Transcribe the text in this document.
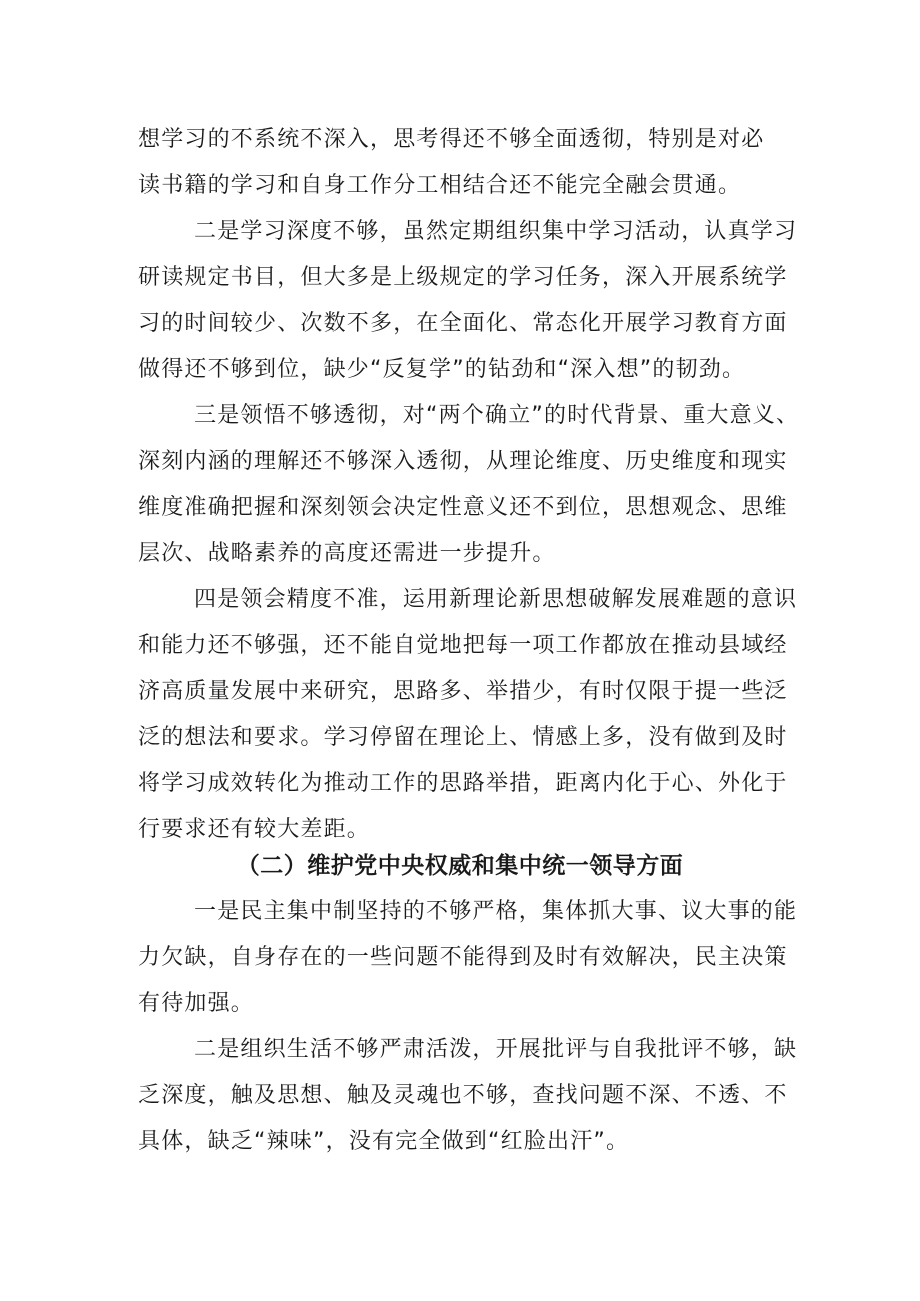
想学习的不系统不深入，思考得还不够全面透彻，特别是对必
读书籍的学习和自身工作分工相结合还不能完全融会贯通。
二是学习深度不够，虽然定期组织集中学习活动，认真学习
研读规定书目，但大多是上级规定的学习任务，深入开展系统学
习的时间较少、次数不多，在全面化、常态化开展学习教育方面
做得还不够到位，缺少“反复学”的钻劲和“深入想”的韧劲。
三是领悟不够透彻，对“两个确立”的时代背景、重大意义、
深刻内涵的理解还不够深入透彻，从理论维度、历史维度和现实
维度准确把握和深刻领会决定性意义还不到位，思想观念、思维
层次、战略素养的高度还需进一步提升。
四是领会精度不准，运用新理论新思想破解发展难题的意识
和能力还不够强，还不能自觉地把每一项工作都放在推动县域经
济高质量发展中来研究，思路多、举措少，有时仅限于提一些泛
泛的想法和要求。学习停留在理论上、情感上多，没有做到及时
将学习成效转化为推动工作的思路举措，距离内化于心、外化于
行要求还有较大差距。
（二）维护党中央权威和集中统一领导方面
一是民主集中制坚持的不够严格，集体抓大事、议大事的能
力欠缺，自身存在的一些问题不能得到及时有效解决，民主决策
有待加强。
二是组织生活不够严肃活泼，开展批评与自我批评不够，缺
乏深度，触及思想、触及灵魂也不够，查找问题不深、不透、不
具体，缺乏“辣味”，没有完全做到“红脸出汗”。
